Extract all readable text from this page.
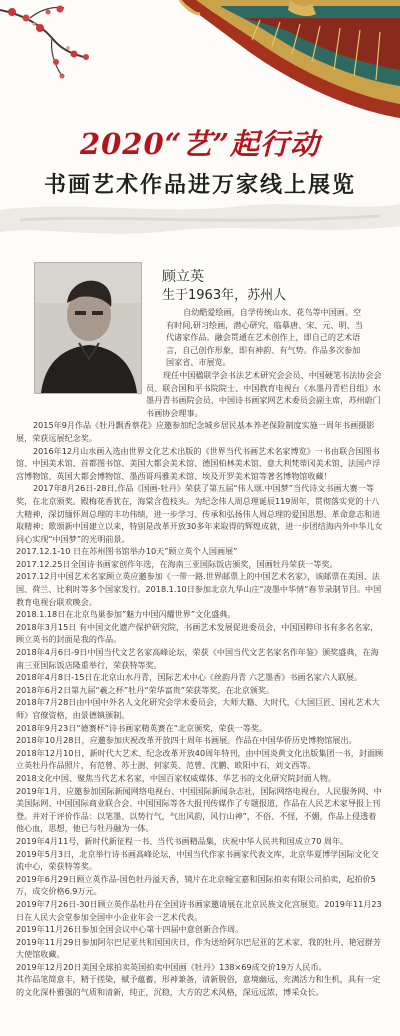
2020“艺”起行动
书画艺术作品进万家线上展览
顾立英
生于1963年，苏州人

自幼酷爱绘画，自学传统山水、花鸟等中国画。空

有时间,研习绘画，潜心研究，临摹唐、宋、元、明、当

代诸家作品。融会贯通在艺术创作上，即自己的艺术语

言，自己创作形象，即有神韵、有气势。作品多次参加

国家省、市展览。

现任中国楹联学会书法艺术研究会会员、中国硬笔书法协会会员、联合国和平书院院士、中国教育电视台《水墨丹青栏目组》水墨丹青书画院会员、中国诗书画家网艺术委员会副主席，苏州蔚门书画协会理事。

2015年9月作品《牡丹飘香蔡花》应邀参加纪念城乡居民基本养老保险制度实施一周年书画摄影展，荣获远展纪念奖。

2016年12月山水画入选由世界文化艺术出版的《世界当代书画艺术名家博览》一书由联合国图书馆、中国美术馆、首都图书馆、美国大都会美术馆、德国柏林美术馆、意大利梵蒂冈美术馆、法国卢浮宫博物馆、英国大都会博物馆、墨西哥玛雅美术馆、埃及开罗美术馆等著名博物馆收藏！

2017年8月26日-28日,作品《国画-牡丹》荣获了第五届“伟人颂.中国梦”当代诗文书画大赛一等奖，在北京颁奖。殿梅花香犹在，海棠含苞枝头。为纪念伟人周总理诞辰119周年，贯彻落实党的十八大精神，深切缅怀周总理的丰功伟绩，进一步学习、传承和弘扬伟人周总理的爱国思想、革命意志和进取精神；歌颂新中国建立以来，特别是改革开放30多年来取得的辉煌成就，进一步团结海内外中华儿女同心实现“中国梦”的光明前景。

2017.12.1-10 日在苏州图书馆举办10天”顾立英个人国画展”

2017.12.25日全国诗书画家创作年选，在海南三亚国际饭店颁奖，国画牡丹荣获一等奖。

2017.12月中国艺术名家顾立英应邀参加《一带一路.世界邮票上的中国艺术名家》，该邮票在美国、法国、荷兰、比利时等多个国家发行。2018.1.10日参加北京九华山庄“凌墨中华情”春节录制节目。中国教育电视台联欢晚会。

2018.1.18日在北京鸟巢参加”魅力中国闪耀世界”文化盛典。

2018年3月15日 有中国文化遗产保护研究院，书画艺术发展促进委员会，中国国粹印书有多名名家，顾立英书的封面是我的作品。

2018年4月6日-9日中国当代文艺名家高峰论坛，荣获《中国当代文艺名家名作年鉴》颁奖盛典，在海南三亚国际饭店隆重举行，荣获特等奖。

2018年4月8日-15日在北京山水丹青，国际艺术中心《丝韵丹青 六艺墨香》书画名家六人联展。

2018年6月2日第九届“羲之杯”牡丹“荣华富贵”荣获等奖，在北京颁奖。

2018年7月28日由中国中外名人文化研究会学术委员会，大师大籍、大时代，《大国巨匠、国礼艺术大师》官僚资格，由景德镇颁制。

2018年9月23日“德赛杯”诗书画家精英赛在“北京颁奖，荣获一等奖。

2018年10月28日，应邀参加庆祝改革开放四十周年书画展。作品在中国华侨历史博物馆展出。

2018年12月10日，新时代大艺术、纪念改革开放40周年特刊，由中国炎黄文化出版集团一书，封面顾立英牡丹作品照片，有范曾、苏士澍、何家英、范曾、沈鹏、欧阳中石，刘文西等。

2018文化中国、聚焦当代艺术名家，中国百家权威媒体、华艺书的文化研究院封面人物。

2019年1月，应邀参加国际新闻网络电视台、中国国际新闻杂志社，国际网络电视台，人民服务网、中美国际网、中国国际商业联合会、中国国际等各大报刊传媒作了专题报道，作品在人民艺术家导报上刊登。并对于评价作品：以笔墨、以势行气，气出风韵，风行山神”，不俗、不怪，不媚，作品上侵透着他心血，思想，他已与牡丹融为一体。

2019年4月11号，新时代新征程一书、当代书画精品集，庆祝中华人民共和国成立70 周年。

2019年5月3日，北京举行诗书画高峰论坛，中国当代作家书画家代表文库，北京华夏博学国际文化交流中心，荣获特等奖。

2019年6月29日顾立英作品-国色牡丹溢天香，镜片在北京翰宝嘉和国际拍卖有限公司拍卖，起拍价5万，成交价格6.9万元。

2019年7月26日-30日顾立英作品牡丹在全国诗书画家邀请展在北京民族文化宫展览。2019年11月23日在人民大会堂参加全国中小企业年会一艺术代表。

2019年11月26日参加全国会议中心第十四届中意创新合作周。

2019年11月29日参加阿尔巴尼亚共和国国庆日，作为送给阿尔巴尼亚的艺术家，我的牡丹、艳冠群芳大使馆收藏。

2019年12月20日美国全球拍卖英国拍卖中国画《牡丹》138×69成交价19万人民币。

其作品笔简意丰，精于搓染，赋予蕴蓄，形神兼备，清新脱俗，意境幽远，充满活力和生机，具有一定的文化深朴雅强的气质和清新，纯正，沉稳，大方的艺术风格，深远远浓，博采众长。
